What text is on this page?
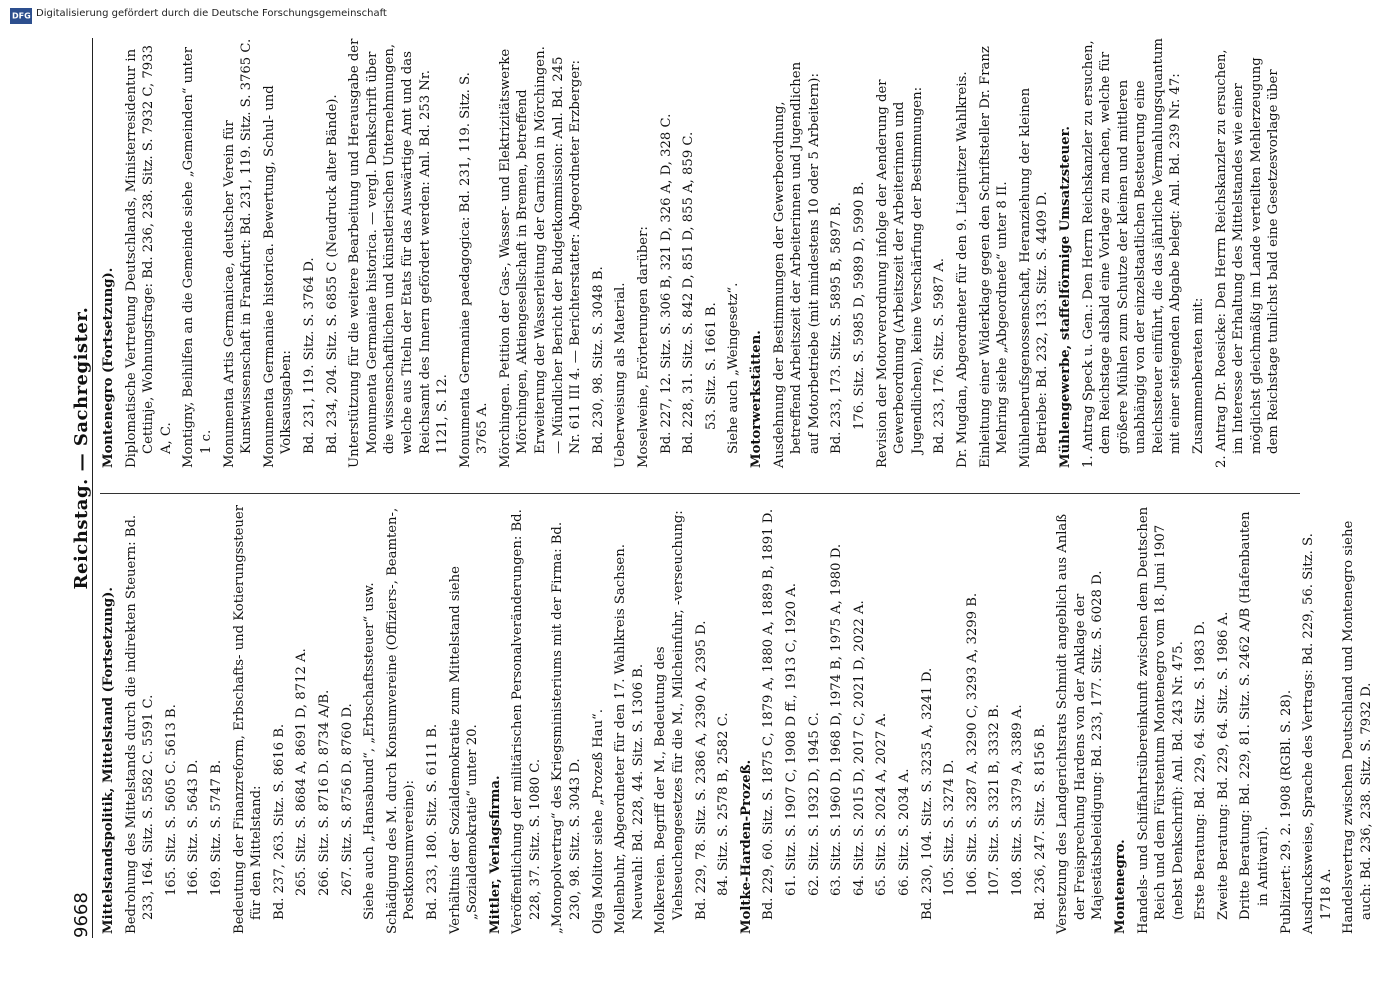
9668
Reichstag. — Sachregister.

Mittelstandspolitik, Mittelstand (Fortsetzung). Bedrohung des Mittelstands durch die indirekten Steuern: Bd. 233, 164. Sitz. S. 5582 C. 5591 C. 165. Sitz. S. 5605 C. 5613 B. 166. Sitz. S. 5643 D. 169. Sitz. S. 5747 B. Bedeutung der Finanzreform, Erbschafts- und Kotierungssteuer für den Mittelstand: Bd. 237, 263. Sitz. S. 8616 B. 265. Sitz. S. 8684 A, 8691 D, 8712 A. 266. Sitz. S. 8716 D. 8734 A/B. 267. Sitz. S. 8756 D. 8760 D. Siehe auch „Hansabund“, „Erbschaftssteuer“ usw. Schädigung des M. durch Konsumvereine (Offiziers-, Beamten-, Postkonsumvereine): Bd. 233, 180. Sitz. S. 6111 B. Verhältnis der Sozialdemokratie zum Mittelstand siehe „Sozialdemokratie“ unter 20. Mittler, Verlagsfirma. Veröffentlichung der militärischen Personalveränderungen: Bd. 228, 37. Sitz. S. 1080 C. „Monopolvertrag“ des Kriegsministeriums mit der Firma: Bd. 230, 98. Sitz. S. 3043 D. Olga Molitor siehe „Prozeß Hau“. Mollenbuhr, Abgeordneter für den 17. Wahlkreis Sachsen. Neuwahl: Bd. 228, 44. Sitz. S. 1306 B. Molkereien. Begriff der M., Bedeutung des Viehseuchengesetzes für die M., Milcheinfuhr, -verseuchung: Bd. 229, 78. Sitz. S. 2386 A, 2390 A, 2395 D. 84. Sitz. S. 2578 B, 2582 C. Moltke-Harden-Prozeß. Bd. 229, 60. Sitz. S. 1875 C, 1879 A, 1880 A, 1889 B, 1891 D. 61. Sitz. S. 1907 C, 1908 D ff., 1913 C, 1920 A. 62. Sitz. S. 1932 D, 1945 C. 63. Sitz. S. 1960 D, 1968 D, 1974 B, 1975 A, 1980 D. 64. Sitz. S. 2015 D, 2017 C, 2021 D, 2022 A. 65. Sitz. S. 2024 A, 2027 A. 66. Sitz. S. 2034 A. Bd. 230, 104. Sitz. S. 3235 A, 3241 D. 105. Sitz. S. 3274 D. 106. Sitz. S. 3287 A, 3290 C, 3293 A, 3299 B. 107. Sitz. S. 3321 B, 3332 B. 108. Sitz. S. 3379 A, 3389 A. Bd. 236, 247. Sitz. S. 8156 B. Versetzung des Landgerichtsrats Schmidt angeblich aus Anlaß der Freisprechung Hardens von der Anklage der Majestätsbeleidigung: Bd. 233, 177. Sitz. S. 6028 D. Montenegro. Handels- und Schiffahrtsübereinkunft zwischen dem Deutschen Reich und dem Fürstentum Montenegro vom 18. Juni 1907 (nebst Denkschrift): Anl. Bd. 243 Nr. 475. Erste Beratung: Bd. 229, 64. Sitz. S. 1983 D. Zweite Beratung: Bd. 229, 64. Sitz. S. 1986 A. Dritte Beratung: Bd. 229, 81. Sitz. S. 2462 A/B (Hafenbauten in Antivari). Publiziert: 29. 2. 1908 (RGBl. S. 28). Ausdrucksweise, Sprache des Vertrags: Bd. 229, 56. Sitz. S. 1718 A. Handelsvertrag zwischen Deutschland und Montenegro siehe auch: Bd. 236, 238. Sitz. S. 7932 D.

Montenegro (Fortsetzung). Diplomatische Vertretung Deutschlands, Ministerresidentur in Cettinje, Wohnungsfrage: Bd. 236, 238. Sitz. S. 7932 C, 7933 A, C. Montigny, Beihilfen an die Gemeinde siehe „Gemeinden“ unter 1 c. Monumenta Artis Germanicae, deutscher Verein für Kunstwissenschaft in Frankfurt: Bd. 231, 119. Sitz. S. 3765 C. Monumenta Germaniae historica. Bewertung, Schul- und Volksausgaben: Bd. 231, 119. Sitz. S. 3764 D. Bd. 234, 204. Sitz. S. 6855 C (Neudruck alter Bände). Unterstützung für die weitere Bearbeitung und Herausgabe der Monumenta Germaniae historica. — vergl. Denkschrift über die wissenschaftlichen und künstlerischen Unternehmungen, welche aus Titeln der Etats für das Auswärtige Amt und das Reichsamt des Innern gefördert werden: Anl. Bd. 253 Nr. 1121, S. 12. Monumenta Germaniae paedagogica: Bd. 231, 119. Sitz. S. 3765 A. Mörchingen. Petition der Gas-, Wasser- und Elektrizitätswerke Mörchingen, Aktiengesellschaft in Bremen, betreffend Erweiterung der Wasserleitung der Garnison in Mörchingen. — Mündlicher Bericht der Budgetkommission: Anl. Bd. 245 Nr. 611 III 4. — Berichterstatter: Abgeordneter Erzberger: Bd. 230, 98. Sitz. S. 3048 B. Ueberweisung als Material. Moselweine, Erörterungen darüber: Bd. 227, 12. Sitz. S. 306 B, 321 D, 326 A, D, 328 C. Bd. 228, 31. Sitz. S. 842 D, 851 D, 855 A, 859 C. 53. Sitz. S. 1661 B. Siehe auch „Weingesetz“. Motorwerkstätten. Ausdehnung der Bestimmungen der Gewerbeordnung, betreffend Arbeitszeit der Arbeiterinnen und Jugendlichen auf Motorbetriebe (mit mindestens 10 oder 5 Arbeitern): Bd. 233, 173. Sitz. S. 5895 B, 5897 B. 176. Sitz. S. 5985 D, 5989 D, 5990 B. Revision der Motorverordnung infolge der Aenderung der Gewerbeordnung (Arbeitszeit der Arbeiterinnen und Jugendlichen), keine Verschärfung der Bestimmungen: Bd. 233, 176. Sitz. S. 5987 A. Dr. Mugdan, Abgeordneter für den 9. Liegnitzer Wahlkreis. Einleitung einer Widerklage gegen den Schriftsteller Dr. Franz Mehring siehe „Abgeordnete“ unter 8 II. Mühlenberufsgenossenschaft, Heranziehung der kleinen Betriebe: Bd. 232, 133. Sitz. S. 4409 D. Mühlengewerbe, staffelförmige Umsatzsteuer. 1. Antrag Speck u. Gen.: Den Herrn Reichskanzler zu ersuchen, dem Reichstage alsbald eine Vorlage zu machen, welche für größere Mühlen zum Schutze der kleinen und mittleren unabhängig von der einzelstaatlichen Besteuerung eine Reichssteuer einführt, die das jährliche Vermahlungsquantum mit einer steigenden Abgabe belegt: Anl. Bd. 239 Nr. 47: Zusammenberaten mit: 2. Antrag Dr. Roesicke: Den Herrn Reichskanzler zu ersuchen, im Interesse der Erhaltung des Mittelstandes wie einer möglichst gleichmäßig im Lande verteilten Mehlerzeugung dem Reichstage tunlichst bald eine Gesetzesvorlage über

DFG Digitalisierung gefördert durch die Deutsche Forschungsgemeinschaft
